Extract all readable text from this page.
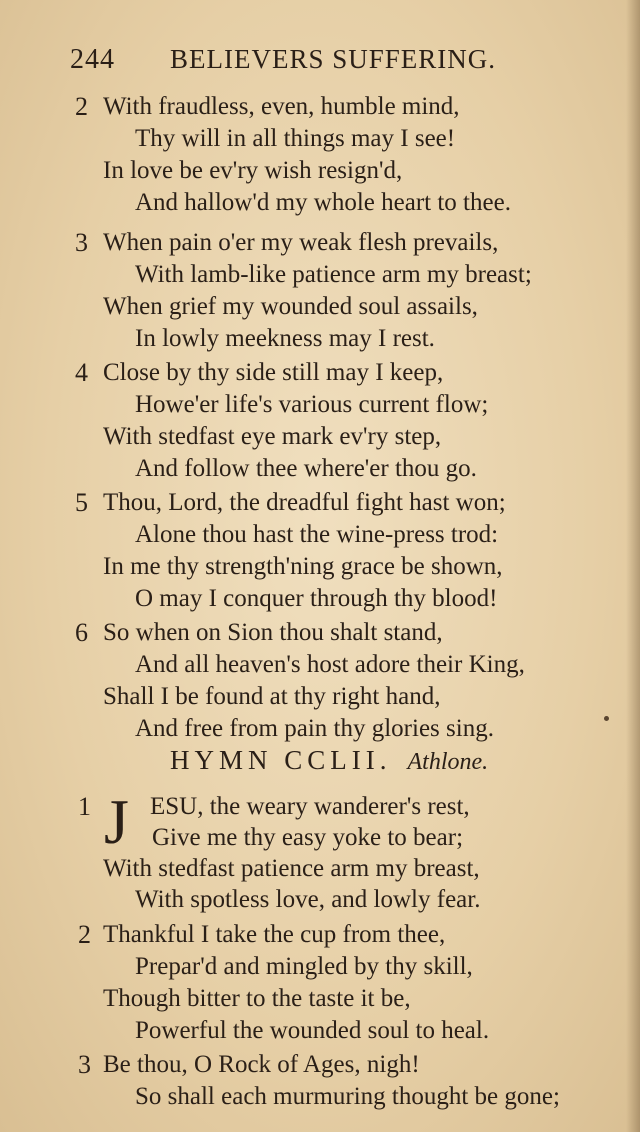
244 BELIEVERS SUFFERING.
2 With fraudless, even, humble mind,
Thy will in all things may I see!
In love be ev'ry wish resign'd,
And hallow'd my whole heart to thee.
3 When pain o'er my weak flesh prevails,
With lamb-like patience arm my breast;
When grief my wounded soul assails,
In lowly meekness may I rest.
4 Close by thy side still may I keep,
Howe'er life's various current flow;
With stedfast eye mark ev'ry step,
And follow thee where'er thou go.
5 Thou, Lord, the dreadful fight hast won;
Alone thou hast the wine-press trod:
In me thy strength'ning grace be shown,
O may I conquer through thy blood!
6 So when on Sion thou shalt stand,
And all heaven's host adore their King,
Shall I be found at thy right hand,
And free from pain thy glories sing.
HYMN CCLII. Athlone.
1 J ESU, the weary wanderer's rest,
Give me thy easy yoke to bear;
With stedfast patience arm my breast,
With spotless love, and lowly fear.
2 Thankful I take the cup from thee,
Prepar'd and mingled by thy skill,
Though bitter to the taste it be,
Powerful the wounded soul to heal.
3 Be thou, O Rock of Ages, nigh!
So shall each murmuring thought be gone;
